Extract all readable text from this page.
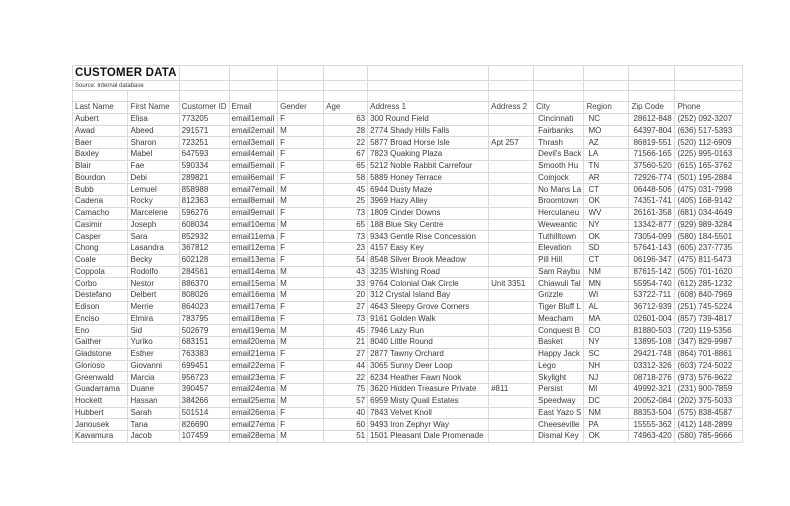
CUSTOMER DATA											
Source: Internal database											

Last Name	First Name	Customer ID	Email	Gender	Age	Address 1	Address 2	City	Region	Zip Code	Phone
Aubert	Elisa	773205	email1email	F	63	300 Round Field		Cincinnati	NC	28612-848	(252) 092-3207
Awad	Abeed	291571	email2email	M	28	2774 Shady Hills Falls		Fairbanks	MO	64397-804	(636) 517-5393
Baer	Sharon	723251	email3email	F	22	5877 Broad Horse Isle	Apt 257	Thrash	AZ	86819-551	(520) 112-6909
Baxley	Mabel	647593	email4email	F	67	7823 Quaking Plaza		Devil's Back	LA	71566-165	(225) 995-0163
Blair	Fae	590334	email5email	F	65	5212 Noble Rabbit Carrefour		Smooth Hu	TN	37560-520	(615) 165-3762
Bourdon	Debi	289821	email6email	F	58	5889 Honey Terrace		Coinjock	AR	72926-774	(501) 195-2884
Bubb	Lemuel	858988	email7email	M	45	6944 Dusty Maze		No Mans La	CT	06448-506	(475) 031-7998
Cadena	Rocky	812363	email8email	M	25	3969 Hazy Alley		Broomtown	OK	74351-741	(405) 168-9142
Camacho	Marcelene	596276	email9email	F	73	1809 Cinder Downs		Herculaneu	WV	26161-358	(681) 034-4649
Casimir	Joseph	608034	email10ema	M	65	188 Blue Sky Centre		Weweantic	NY	13342-877	(929) 989-3284
Casper	Sara	852932	email11ema	F	73	9343 Gentle Rise Concession		Tuthilltown	OK	73054-099	(580) 184-5501
Chong	Lasandra	367812	email12ema	F	23	4157 Easy Key		Elevation	SD	57641-143	(605) 237-7735
Coale	Becky	602128	email13ema	F	54	8548 Silver Brook Meadow		Pill Hill	CT	06196-347	(475) 811-5473
Coppola	Rodolfo	284561	email14ema	M	43	3235 Wishing Road		Sam Raybu	NM	87615-142	(505) 701-1620
Corbo	Nestor	886370	email15ema	M	33	9764 Colonial Oak Circle	Unit 3351	Chiawuli Tal	MN	55954-740	(612) 285-1232
Destefano	Delbert	808026	email16ema	M	20	312 Crystal Island Bay		Grizzle	WI	53722-711	(608) 840-7969
Edison	Merrie	864023	email17ema	F	27	4643 Sleepy Grove Corners		Tiger Bluff L	AL	36712-939	(251) 745-5224
Enciso	Elmira	783795	email18ema	F	73	9161 Golden Walk		Meacham	MA	02601-004	(857) 739-4817
Eno	Sid	502679	email19ema	M	45	7946 Lazy Run		Conquest B	CO	81880-503	(720) 119-5356
Gaither	Yuriko	683151	email20ema	M	21	8040 Little Round		Basket	NY	13895-108	(347) 829-9987
Gladstone	Esther	763383	email21ema	F	27	2877 Tawny Orchard		Happy Jack	SC	29421-748	(864) 701-8861
Glorioso	Giovanni	699451	email22ema	F	44	3065 Sunny Deer Loop		Lego	NH	03312-326	(603) 724-5022
Greenwald	Marcia	956723	email23ema	F	22	6234 Heather Fawn Nook		Skylight	NJ	08718-276	(973) 576-9622
Guadarrama	Duane	390457	email24ema	M	75	3620 Hidden Treasure Private	#811	Persist	MI	49992-321	(231) 900-7859
Hockett	Hassan	384266	email25ema	M	57	6959 Misty Quail Estates		Speedway	DC	20052-084	(202) 375-5033
Hubbert	Sarah	501514	email26ema	F	40	7843 Velvet Knoll		East Yazo S	NM	88353-504	(575) 838-4587
Janousek	Tana	826690	email27ema	F	60	9493 Iron Zephyr Way		Cheeseville	PA	15555-362	(412) 148-2899
Kawamura	Jacob	107459	email28ema	M	51	1501 Pleasant Dale Promenade		Dismal Key	OK	74963-420	(580) 785-9666
